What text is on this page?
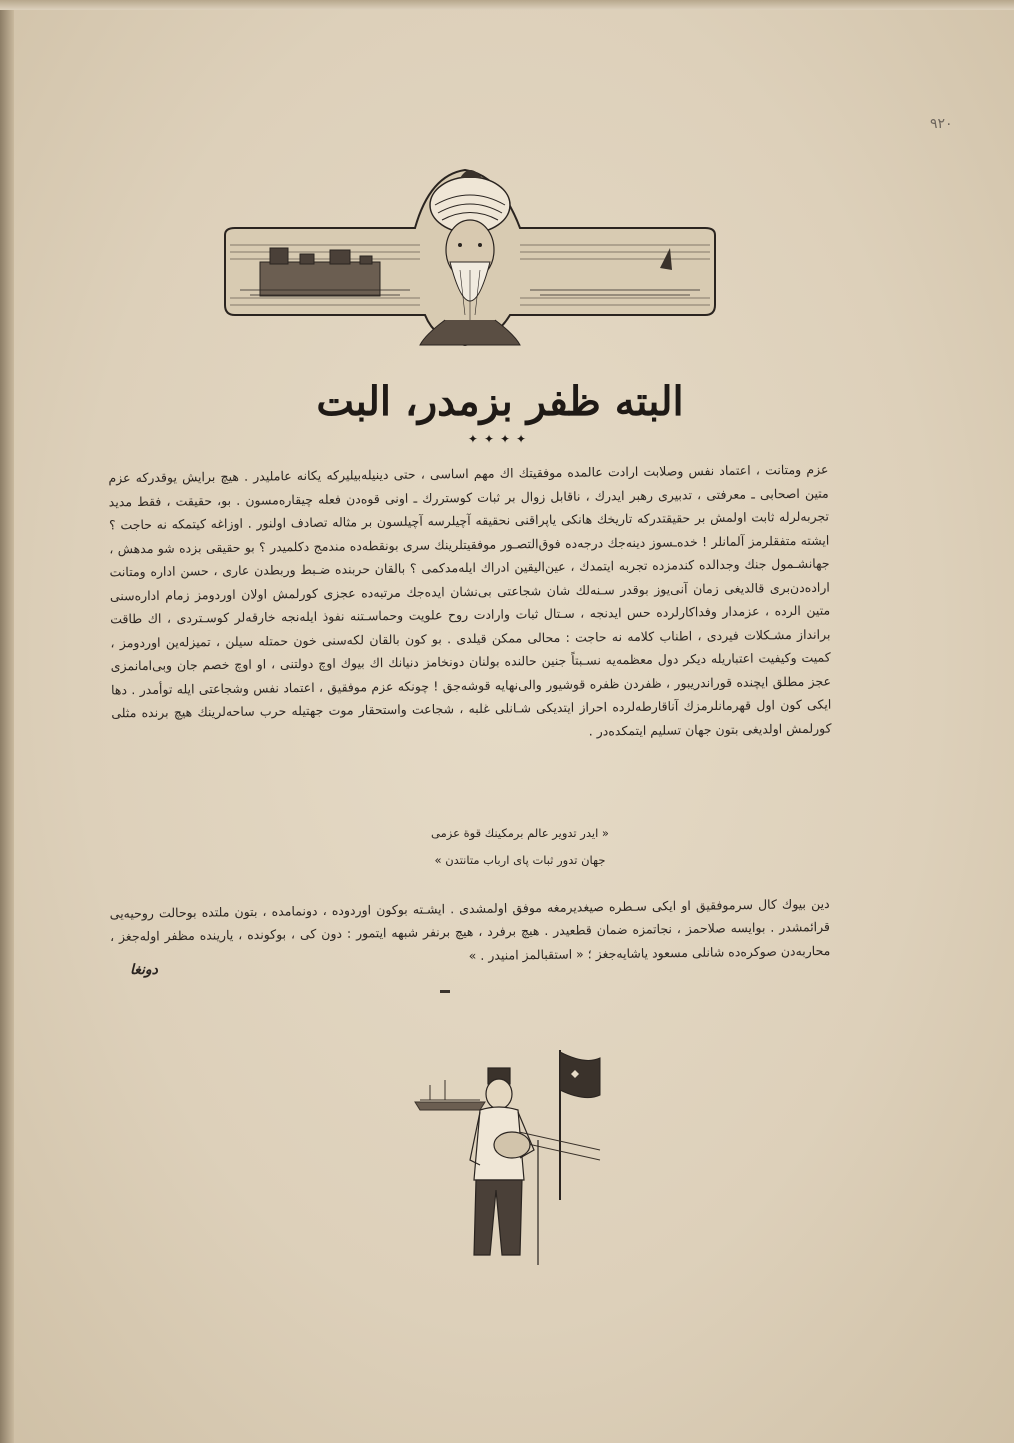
۹۲۰
البته ظفر بزمدر، البت
✦✦✦✦

عزم ومتانت ، اعتماد نفس وصلابت ارادت عالمده موفقيتك اك مهم اساسى ، حتى دينيله‌بيليركه يكانه عامليدر . هيچ برايش يوقدركه عزم متين اصحابى ـ معرفتى ، تدبيرى رهبر ايدرك ، ناقابل زوال بر ثبات كوستررك ـ اونى قوه‌دن فعله چيقاره‌مسون . بو، حقيقت ، فقط مديد تجربه‌لرله ثابت اولمش بر حقيقتدركه تاريخك هانكى ياپراقنى نحقيقه آچيلرسه آچيلسون بر مثاله تصادف اولنور . اوزاغه كيتمكه نه حاجت ؟ ايشته متفقلرمز آلمانلر ! خده‌ـسوز دينه‌جك درجه‌ده فوق‌التصـور موفقيتلرينك سرى بونقطه‌ده مندمج دكلميدر ؟ بو حقيقى بزده شو مدهش ، جهانشـمول جنك وجدالده كندمزده تجربه ايتمدك ، عين‌اليقين ادراك ايله‌مدكمى ؟ بالقان حربنده ضـبط وربطدن عارى ، حسن اداره ومتانت اراده‌دن‌برى قالديغى زمان آنى‌يوز بوقدر سـنه‌لك شان شجاعتى بى‌نشان ايده‌جك مرتبه‌ده عجزى كورلمش اولان اوردومز زمام اداره‌سنى متين الرده ، عزمدار وفداكارلرده حس ايدنجه ، سـتال ثبات وارادت روح علويت وحماسـتنه نفوذ ايله‌نجه خارقه‌لر كوسـتردى ، اك طاقت برانداز مشـكلات فيردى ، اطناب كلامه نه حاجت : محالى ممكن قيلدى . بو كون بالقان لكه‌سنى خون حمتله سيلن ، تميزله‌ين اوردومز ، كميت وكيفيت اعتباريله ديكر دول معظمه‌يه نسـبتاً جنين حالنده بولنان دونخامز دنيانك اك بيوك اوچ دولتنى ، او اوچ خصم جان وبى‌امانمزى عجز مطلق ايچنده قوراندريبور ، ظفردن ظفره قوشيور والى‌نهايه قوشه‌جق ! چونكه عزم موفقيق ، اعتماد نفس وشجاعتى ايله توأمدر . دها ايكى كون اول قهرمانلرمزك آناقارطه‌لرده احراز ايتديكى شـانلى غلبه ، شجاعت واستحقار موت جهتيله حرب ساحه‌لرينك هيچ برنده مثلى كورلمش اولديغى بتون جهان تسليم ايتمكده‌در .

« ايدر تدوير عالم برمكينك قوة عزمى
جهان تدور ثبات پاى ارباب متانتدن »

دين بيوك كال سرموفقيق او ايكى سـطره صيغديرمغه موفق اولمشدى . ايشـته بوكون اوردوده ، دونمامده ، بتون ملتده بوحالت روحيه‌يى قرائمشدر . بوايسه صلاحمز ، نجاتمزه ضمان قطعيدر . هيچ برفرد ، هيچ برنفر شبهه ايتمور : دون كى ، بوكونده ، يارينده مظفر اوله‌جغز ، محاربه‌دن صوكره‌ده شانلى مسعود ياشايه‌جغز ؛ « استقبالمز امنيدر . »

دونغا
